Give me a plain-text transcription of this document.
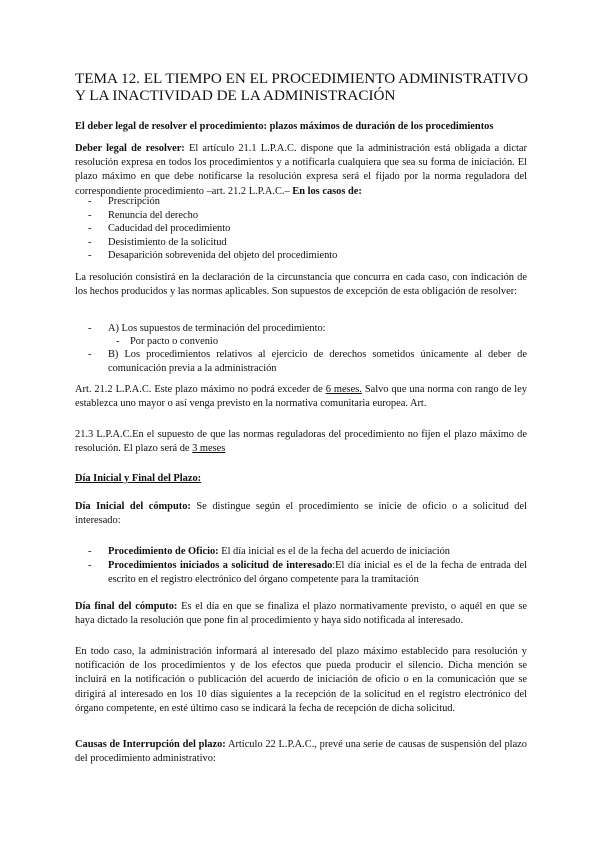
TEMA 12. EL TIEMPO EN EL PROCEDIMIENTO ADMINISTRATIVO Y LA INACTIVIDAD DE LA ADMINISTRACIÓN
El deber legal de resolver el procedimiento: plazos máximos de duración de los procedimientos
Deber legal de resolver: El artículo 21.1 L.P.A.C. dispone que la administración está obligada a dictar resolución expresa en todos los procedimientos y a notificarla cualquiera que sea su forma de iniciación. El plazo máximo en que debe notificarse la resolución expresa será el fijado por la norma reguladora del correspondiente procedimiento –art. 21.2 L.P.A.C.– En los casos de:
- Prescripción
- Renuncia del derecho
- Caducidad del procedimiento
- Desistimiento de la solicitud
- Desaparición sobrevenida del objeto del procedimiento
La resolución consistirá en la declaración de la circunstancia que concurra en cada caso, con indicación de los hechos producidos y las normas aplicables. Son supuestos de excepción de esta obligación de resolver:
- A) Los supuestos de terminación del procedimiento:
- Por pacto o convenio
- B) Los procedimientos relativos al ejercicio de derechos sometidos únicamente al deber de comunicación previa a la administración
Art. 21.2 L.P.A.C. Este plazo máximo no podrá exceder de 6 meses. Salvo que una norma con rango de ley establezca uno mayor o así venga previsto en la normativa comunitaria europea. Art.
21.3 L.P.A.C.En el supuesto de que las normas reguladoras del procedimiento no fijen el plazo máximo de resolución. El plazo será de 3 meses
Día Inicial y Final del Plazo:
Día Inicial del cómputo: Se distingue según el procedimiento se inicie de oficio o a solicitud del interesado:
- Procedimiento de Oficio: El día inicial es el de la fecha del acuerdo de iniciación
- Procedimientos iniciados a solicitud de interesado:El día inicial es el de la fecha de entrada del escrito en el registro electrónico del órgano competente para la tramitación
Día final del cómputo: Es el día en que se finaliza el plazo normativamente previsto, o aquél en que se haya dictado la resolución que pone fin al procedimiento y haya sido notificada al interesado.
En todo caso, la administración informará al interesado del plazo máximo establecido para resolución y notificación de los procedimientos y de los efectos que pueda producir el silencio. Dicha mención se incluirá en la notificación o publicación del acuerdo de iniciación de oficio o en la comunicación que se dirigirá al interesado en los 10 días siguientes a la recepción de la solicitud en el registro electrónico del órgano competente, en esté último caso se indicará la fecha de recepción de dicha solicitud.
Causas de Interrupción del plazo: Artículo 22 L.P.A.C., prevé una serie de causas de suspensión del plazo del procedimiento administrativo:
